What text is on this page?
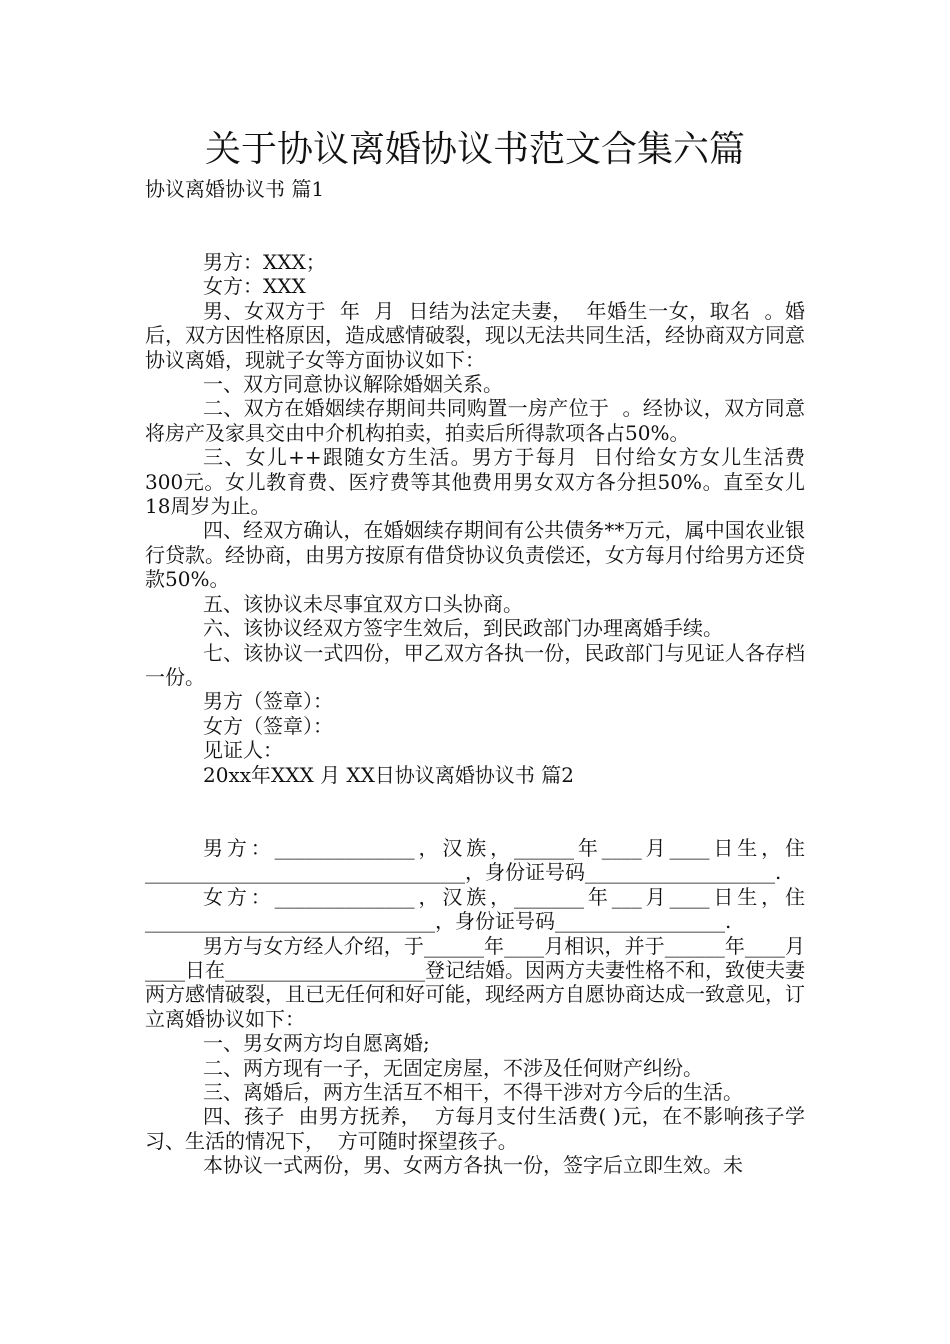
关于协议离婚协议书范文合集六篇

协议离婚协议书 篇1

男方：XXX；

女方：XXX

男、女双方于  年  月  日结为法定夫妻，  年婚生一女，取名  。婚后，双方因性格原因，造成感情破裂，现以无法共同生活，经协商双方同意协议离婚，现就子女等方面协议如下：

一、双方同意协议解除婚姻关系。

二、双方在婚姻续存期间共同购置一房产位于  。经协议，双方同意将房产及家具交由中介机构拍卖，拍卖后所得款项各占50%。

三、女儿++跟随女方生活。男方于每月  日付给女方女儿生活费300元。女儿教育费、医疗费等其他费用男女双方各分担50%。直至女儿18周岁为止。

四、经双方确认，在婚姻续存期间有公共债务**万元，属中国农业银行贷款。经协商，由男方按原有借贷协议负责偿还，女方每月付给男方还贷款50%。

五、该协议未尽事宜双方口头协商。

六、该协议经双方签字生效后，到民政部门办理离婚手续。

七、该协议一式四份，甲乙双方各执一份，民政部门与见证人各存档一份。

男方（签章）：

女方（签章）：

见证人：

20xx年XXX 月 XX日协议离婚协议书 篇2

男方：______________，汉族，______年____月____日生，住________________________________，身份证号码___________________.

女方：______________，汉族，_______年___月____日生，住_____________________________，身份证号码_________________.

男方与女方经人介绍，于______年____月相识，并于______年____月____日在____________________登记结婚。因两方夫妻性格不和，致使夫妻两方感情破裂，且已无任何和好可能，现经两方自愿协商达成一致意见，订立离婚协议如下：

一、男女两方均自愿离婚;

二、两方现有一子，无固定房屋，不涉及任何财产纠纷。

三、离婚后，两方生活互不相干，不得干涉对方今后的生活。

四、孩子  由男方抚养，  方每月支付生活费( )元，在不影响孩子学习、生活的情况下，  方可随时探望孩子。

本协议一式两份，男、女两方各执一份，签字后立即生效。未
